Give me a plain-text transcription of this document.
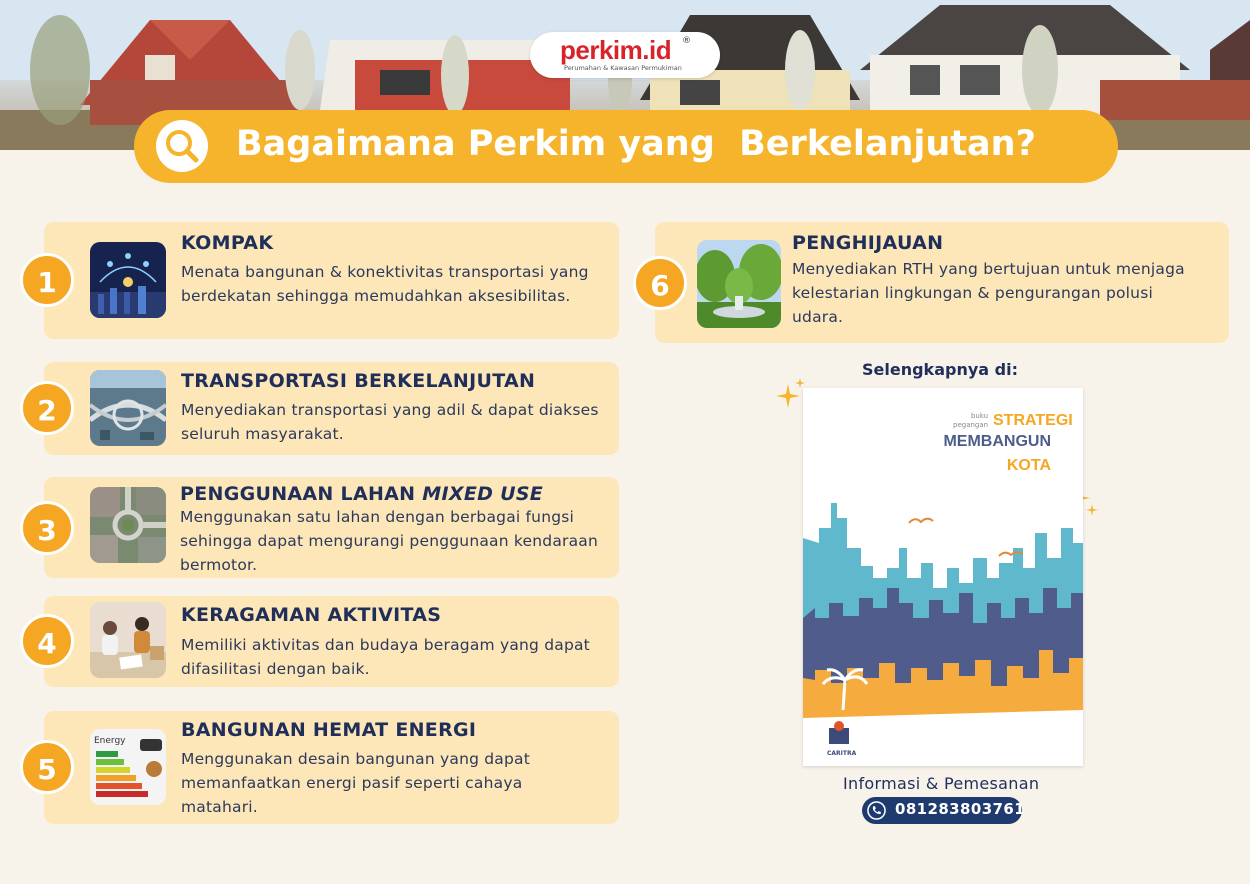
perkim.id ®
Perumahan & Kawasan Permukiman
Bagaimana Perkim yang  Berkelanjutan?
1
KOMPAK

Menata bangunan & konektivitas transportasi yang berdekatan sehingga memudahkan aksesibilitas.

2
TRANSPORTASI BERKELANJUTAN

Menyediakan transportasi yang adil & dapat diakses seluruh masyarakat.

3
PENGGUNAAN LAHAN MIXED USE

Menggunakan satu lahan dengan berbagai fungsi sehingga dapat mengurangi penggunaan kendaraan bermotor.

4
KERAGAMAN AKTIVITAS

Memiliki aktivitas dan budaya beragam yang dapat difasilitasi dengan baik.

Energy
5
BANGUNAN HEMAT ENERGI

Menggunakan desain bangunan yang dapat memanfaatkan energi pasif seperti cahaya matahari.

6
PENGHIJAUAN

Menyediakan RTH yang bertujuan untuk menjaga kelestarian lingkungan & pengurangan polusi udara.

Selengkapnya di:
buku
pegangan STRATEGI
MEMBANGUN
KOTA
CARITRA
Informasi & Pemesanan
081283803761
